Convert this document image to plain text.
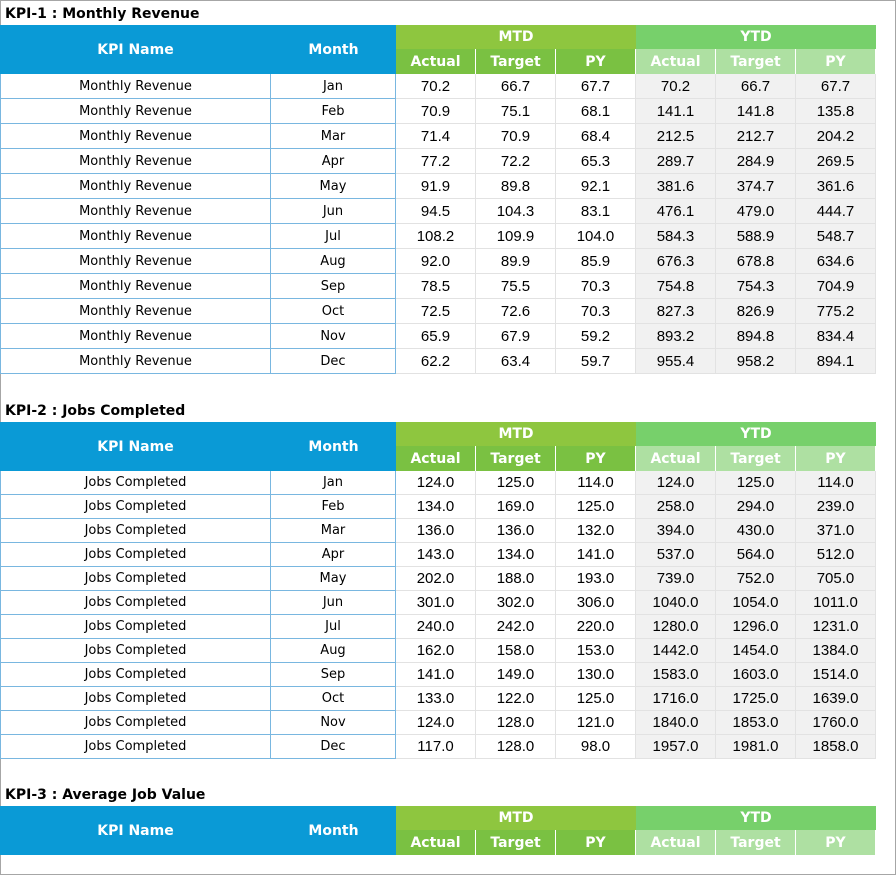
KPI-1 : Monthly Revenue
KPI Name	Month
MTD	YTD
Actual	Target	PY	Actual	Target	PY
Monthly Revenue	Jan	70.2	66.7	67.7	70.2	66.7	67.7
Monthly Revenue	Feb	70.9	75.1	68.1	141.1	141.8	135.8
Monthly Revenue	Mar	71.4	70.9	68.4	212.5	212.7	204.2
Monthly Revenue	Apr	77.2	72.2	65.3	289.7	284.9	269.5
Monthly Revenue	May	91.9	89.8	92.1	381.6	374.7	361.6
Monthly Revenue	Jun	94.5	104.3	83.1	476.1	479.0	444.7
Monthly Revenue	Jul	108.2	109.9	104.0	584.3	588.9	548.7
Monthly Revenue	Aug	92.0	89.9	85.9	676.3	678.8	634.6
Monthly Revenue	Sep	78.5	75.5	70.3	754.8	754.3	704.9
Monthly Revenue	Oct	72.5	72.6	70.3	827.3	826.9	775.2
Monthly Revenue	Nov	65.9	67.9	59.2	893.2	894.8	834.4
Monthly Revenue	Dec	62.2	63.4	59.7	955.4	958.2	894.1
KPI-2 : Jobs Completed
KPI Name	Month
MTD	YTD
Actual	Target	PY	Actual	Target	PY
Jobs Completed	Jan	124.0	125.0	114.0	124.0	125.0	114.0
Jobs Completed	Feb	134.0	169.0	125.0	258.0	294.0	239.0
Jobs Completed	Mar	136.0	136.0	132.0	394.0	430.0	371.0
Jobs Completed	Apr	143.0	134.0	141.0	537.0	564.0	512.0
Jobs Completed	May	202.0	188.0	193.0	739.0	752.0	705.0
Jobs Completed	Jun	301.0	302.0	306.0	1040.0	1054.0	1011.0
Jobs Completed	Jul	240.0	242.0	220.0	1280.0	1296.0	1231.0
Jobs Completed	Aug	162.0	158.0	153.0	1442.0	1454.0	1384.0
Jobs Completed	Sep	141.0	149.0	130.0	1583.0	1603.0	1514.0
Jobs Completed	Oct	133.0	122.0	125.0	1716.0	1725.0	1639.0
Jobs Completed	Nov	124.0	128.0	121.0	1840.0	1853.0	1760.0
Jobs Completed	Dec	117.0	128.0	98.0	1957.0	1981.0	1858.0
KPI-3 : Average Job Value
KPI Name	Month
MTD	YTD
Actual	Target	PY	Actual	Target	PY
